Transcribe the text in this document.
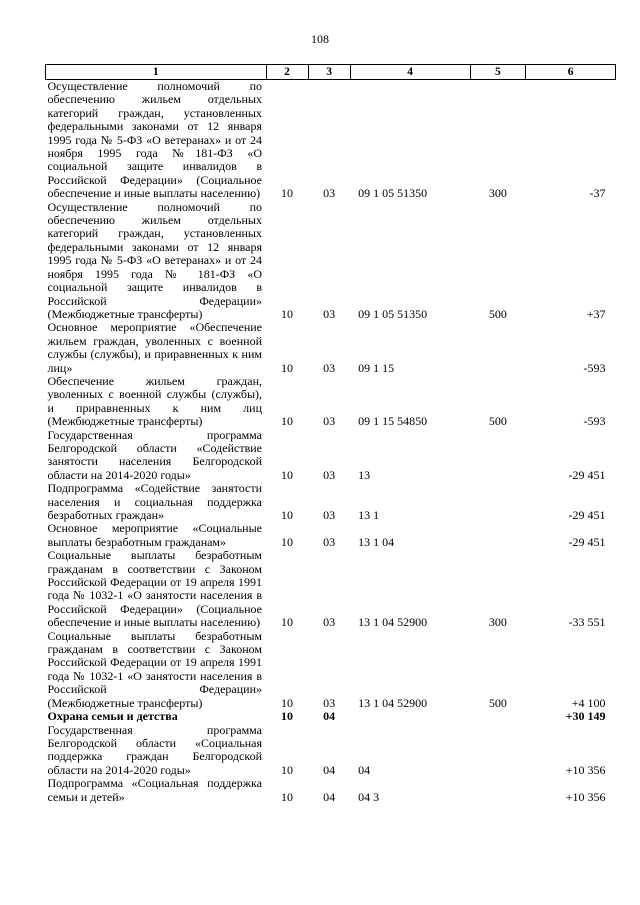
108
1	2	3	4	5	6
Осуществление полномочий по обеспечению жильем отдельных категорий граждан, установленных федеральными законами от 12 января 1995 года № 5-ФЗ «О ветеранах» и от 24 ноября 1995 года №181-ФЗ «О социальной защите инвалидов в Российской Федерации» (Социальное обеспечение и иные выплаты населению)	10	03	09 1 05 51350	300	-37
Осуществление полномочий по обеспечению жильем отдельных категорий граждан, установленных федеральными законами от 12 января 1995 года № 5-ФЗ «О ветеранах» и от 24 ноября 1995 года № 181-ФЗ «О социальной защите инвалидов в Российской Федерации» (Межбюджетные трансферты)	10	03	09 1 05 51350	500	+37
Основное мероприятие «Обеспечение жильем граждан, уволенных с военной службы (службы), и приравненных к ним лиц»	10	03	09 1 15		-593
Обеспечение жильем граждан, уволенных с военной службы (службы), и приравненных к ним лиц (Межбюджетные трансферты)	10	03	09 1 15 54850	500	-593
Государственная программа Белгородской области «Содействие занятости населения Белгородской области на 2014-2020 годы»	10	03	13		-29 451
Подпрограмма «Содействие занятости населения и социальная поддержка безработных граждан»	10	03	13 1		-29 451
Основное мероприятие «Социальные выплаты безработным гражданам»	10	03	13 1 04		-29 451
Социальные выплаты безработным гражданам в соответствии с Законом Российской Федерации от 19 апреля 1991 года № 1032-1 «О занятости населения в Российской Федерации» (Социальное обеспечение и иные выплаты населению)	10	03	13 1 04 52900	300	-33 551
Социальные выплаты безработным гражданам в соответствии с Законом Российской Федерации от 19 апреля 1991 года № 1032-1 «О занятости населения в Российской Федерации» (Межбюджетные трансферты)	10	03	13 1 04 52900	500	+4 100
Охрана семьи и детства	10	04			+30 149
Государственная программа Белгородской области «Социальная поддержка граждан Белгородской области на 2014-2020 годы»	10	04	04		+10 356
Подпрограмма «Социальная поддержка семьи и детей»	10	04	04 3		+10 356
